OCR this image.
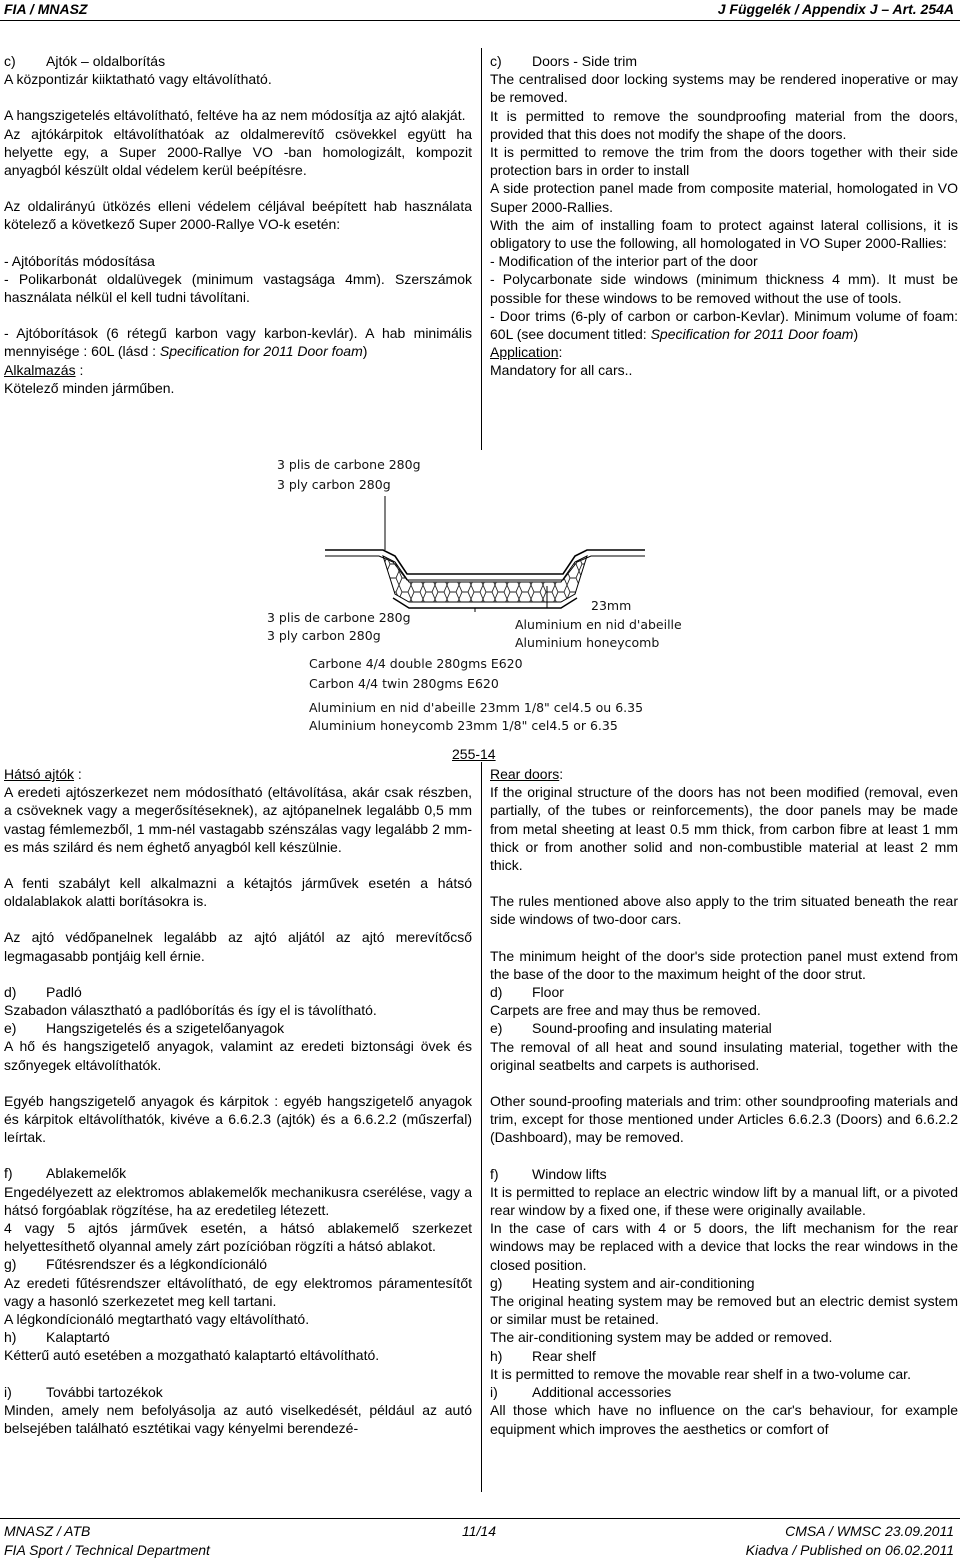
FIA / MNASZ	J Függelék / Appendix J – Art. 254A
c)	Ajtók – oldalborítás

A központizár kiiktatható vagy eltávolítható.

A hangszigetelés eltávolítható, feltéve ha az nem módosítja az ajtó alakját.

Az ajtókárpitok eltávolíthatóak az oldalmerevítő csövekkel együtt ha helyette egy, a Super 2000-Rallye VO -ban homologizált, kompozit anyagból készült oldal védelem kerül beépítésre.

Az oldalirányú ütközés elleni védelem céljával beépített hab használata kötelező a következő Super 2000-Rallye VO-k esetén:

- Ajtóborítás módosítása

- Polikarbonát oldalüvegek (minimum vastagsága 4mm). Szerszámok használata nélkül el kell tudni távolítani.

- Ajtóborítások (6 rétegű karbon vagy karbon-kevlár). A hab minimális mennyisége : 60L (lásd : Specification for 2011 Door foam)

Alkalmazás :

Kötelező minden járműben.

c)	Doors - Side trim

The centralised door locking systems may be rendered inoperative or may be removed.

It is permitted to remove the soundproofing material from the doors, provided that this does not modify the shape of the doors.

It is permitted to remove the trim from the doors together with their side protection bars in order to install

A side protection panel made from composite material, homologated in VO Super 2000-Rallies.

With the aim of installing foam to protect against lateral collisions, it is obligatory to use the following, all homologated in VO Super 2000-Rallies:

- Modification of the interior part of the door

- Polycarbonate side windows (minimum thickness 4 mm). It must be possible for these windows to be removed without the use of tools.

- Door trims (6-ply of carbon or carbon-Kevlar). Minimum volume of foam: 60L (see document titled: Specification for 2011 Door foam)

Application:

Mandatory for all cars..

3 plis de carbone 280g
3 ply carbon 280g
3 plis de carbone 280g
3 ply carbon 280g
23mm
Aluminium en nid d'abeille
Aluminium honeycomb
Carbone 4/4 double 280gms E620
Carbon 4/4 twin 280gms E620
Aluminium en nid d'abeille 23mm 1/8" cel4.5 ou 6.35
Aluminium honeycomb 23mm 1/8" cel4.5 or 6.35
255-14

Hátsó ajtók :

A eredeti ajtószerkezet nem módosítható (eltávolítása, akár csak részben, a csöveknek vagy a megerősítéseknek), az ajtópanelnek legalább 0,5 mm vastag fémlemezből, 1 mm-nél vastagabb szénszálas vagy legalább 2 mm-es más szilárd és nem éghető anyagból kell készülnie.

A fenti szabályt kell alkalmazni a kétajtós járművek esetén a hátsó oldalablakok alatti borításokra is.

Az ajtó védőpanelnek legalább az ajtó aljától az ajtó merevítőcső legmagasabb pontjáig kell érnie.

d)	Padló

Szabadon választható a padlóborítás és így el is távolítható.

e)	Hangszigetelés és a szigetelőanyagok

A hő és hangszigetelő anyagok, valamint az eredeti biztonsági övek és szőnyegek eltávolíthatók.

Egyéb hangszigetelő anyagok és kárpitok : egyéb hangszigetelő anyagok és kárpitok eltávolíthatók, kivéve a 6.6.2.3 (ajtók) és a 6.6.2.2 (műszerfal) leírtak.

f)	Ablakemelők

Engedélyezett az elektromos ablakemelők mechanikusra cserélése, vagy a hátsó forgóablak rögzítése, ha az eredetileg létezett.

4 vagy 5 ajtós járművek esetén, a hátsó ablakemelő szerkezet helyettesíthető olyannal amely zárt pozícióban rögzíti a hátsó ablakot.

g)	Fűtésrendszer és a légkondícionáló

Az eredeti fűtésrendszer eltávolítható, de egy elektromos páramentesítőt vagy a hasonló szerkezetet meg kell tartani.

A légkondícionáló megtartható vagy eltávolítható.

h)	Kalaptartó

Kétterű autó esetében a mozgatható kalaptartó eltávolítható.

i)	További tartozékok

Minden, amely nem befolyásolja az autó viselkedését, például az autó belsejében található esztétikai vagy kényelmi berendezé-

Rear doors:

If the original structure of the doors has not been modified (removal, even partially, of the tubes or reinforcements), the door panels may be made from metal sheeting at least 0.5 mm thick, from carbon fibre at least 1 mm thick or from another solid and non-combustible material at least 2 mm thick.

The rules mentioned above also apply to the trim situated beneath the rear side windows of two-door cars.

The minimum height of the door's side protection panel must extend from the base of the door to the maximum height of the door strut.

d)	Floor

Carpets are free and may thus be removed.

e)	Sound-proofing and insulating material

The removal of all heat and sound insulating material, together with the original seatbelts and carpets is authorised.

Other sound-proofing materials and trim: other soundproofing materials and trim, except for those mentioned under Articles 6.6.2.3 (Doors) and 6.6.2.2 (Dashboard), may be removed.

f)	Window lifts

It is permitted to replace an electric window lift by a manual lift, or a pivoted rear window by a fixed one, if these were originally available.

In the case of cars with 4 or 5 doors, the lift mechanism for the rear windows may be replaced with a device that locks the rear windows in the closed position.

g)	Heating system and air-conditioning

The original heating system may be removed but an electric demist system or similar must be retained.

The air-conditioning system may be added or removed.

h)	Rear shelf

It is permitted to remove the movable rear shelf in a two-volume car.

i)	Additional accessories

All those which have no influence on the car's behaviour, for example equipment which improves the aesthetics or comfort of

MNASZ / ATB
FIA Sport / Technical Department
11/14	CMSA / WMSC 23.09.2011
Kiadva / Published on 06.02.2011
